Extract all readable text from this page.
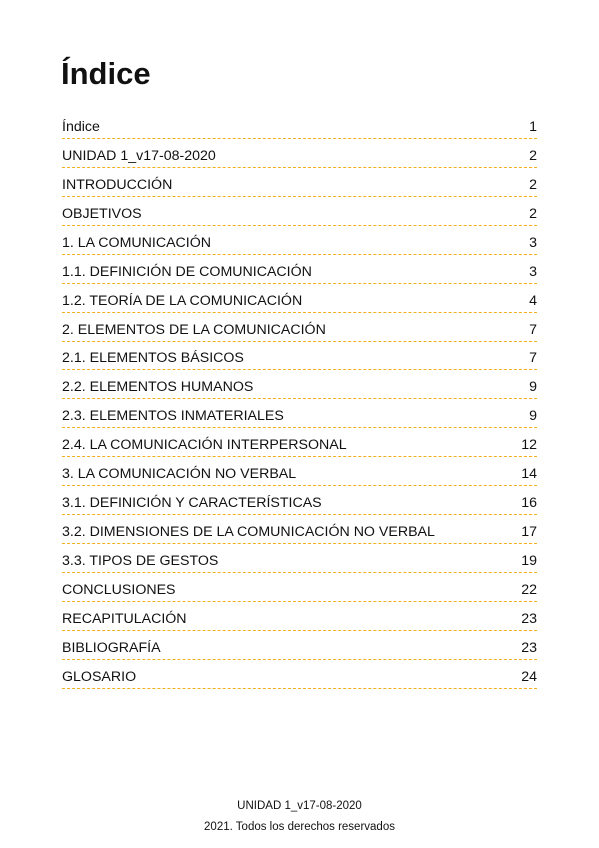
Índice
Índice	1
UNIDAD 1_v17-08-2020	2
INTRODUCCIÓN	2
OBJETIVOS	2
1. LA COMUNICACIÓN	3
1.1. DEFINICIÓN DE COMUNICACIÓN	3
1.2. TEORÍA DE LA COMUNICACIÓN	4
2. ELEMENTOS DE LA COMUNICACIÓN	7
2.1. ELEMENTOS BÁSICOS	7
2.2. ELEMENTOS HUMANOS	9
2.3. ELEMENTOS INMATERIALES	9
2.4. LA COMUNICACIÓN INTERPERSONAL	12
3. LA COMUNICACIÓN NO VERBAL	14
3.1. DEFINICIÓN Y CARACTERÍSTICAS	16
3.2. DIMENSIONES DE LA COMUNICACIÓN NO VERBAL	17
3.3. TIPOS DE GESTOS	19
CONCLUSIONES	22
RECAPITULACIÓN	23
BIBLIOGRAFÍA	23
GLOSARIO	24
UNIDAD 1_v17-08-2020
2021. Todos los derechos reservados
